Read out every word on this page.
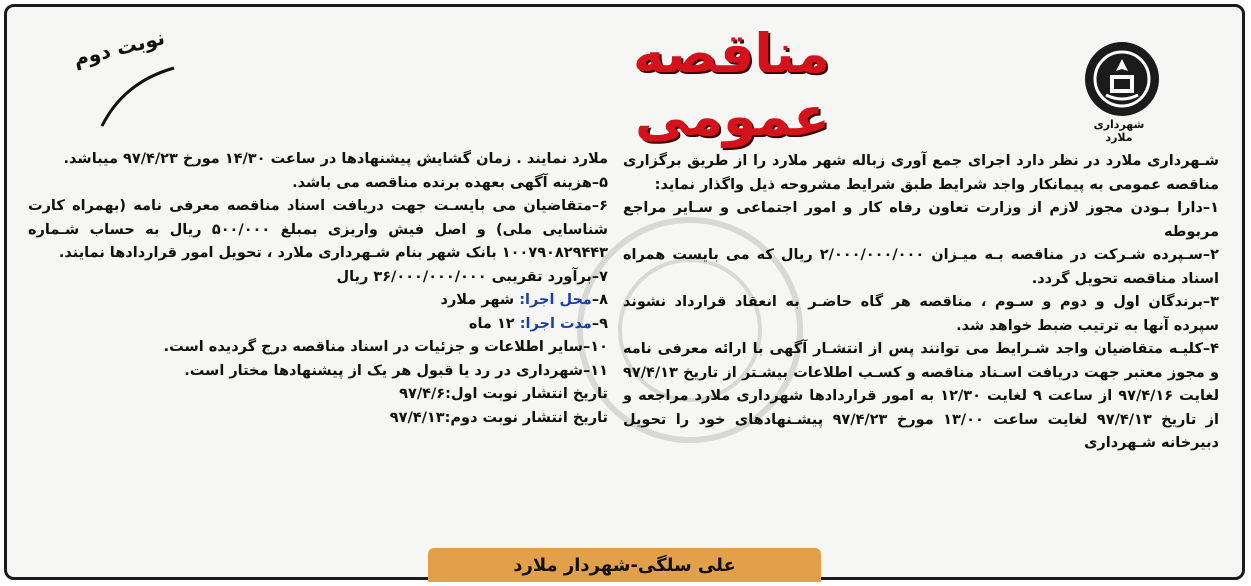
شهرداری ملارد
مناقصه عمومی
نوبت دوم

شـهرداری ملارد در نظر دارد اجرای جمع آوری زباله شهر ملارد را از طریق برگزاری مناقصه عمومی به پیمانکار واجد شرایط طبق شرایط مشروحه ذیل واگذار نماید:

۱–دارا بـودن مجوز لازم از وزارت تعاون رفاه کار و امور اجتماعی و سـایر مراجع مربوطه

۲–سـپرده شـرکت در مناقصه بـه میـزان ۲/۰۰۰/۰۰۰/۰۰۰ ریال که می بایست همراه اسناد مناقصه تحویل گردد.

۳–برندگان اول و دوم و سـوم ، مناقصه هر گاه حاضـر به انعقاد قرارداد نشوند سپرده آنها به ترتیب ضبط خواهد شد.

۴–کلیـه متقاضیان واجد شـرایط می توانند پس از انتشـار آگهی با ارائه معرفی نامه و مجوز معتبر جهت دریافت اسـناد مناقصه و کسـب اطلاعات بیشـتر از تاریخ ۹۷/۴/۱۳ لغایت ۹۷/۴/۱۶ از ساعت ۹ لغایت ۱۲/۳۰ به امور قراردادها شهرداری ملارد مراجعه و از تاریخ ۹۷/۴/۱۳ لغایت ساعت ۱۳/۰۰ مورخ ۹۷/۴/۲۳ پیشـنهادهای خود را تحویل دبیرخانه شـهرداری

ملارد نمایند . زمان گشایش پیشنهادها در ساعت ۱۴/۳۰ مورخ ۹۷/۴/۲۳ میباشد.

۵–هزینه آگهی بعهده برنده مناقصه می باشد.

۶–متقاضیان می بایسـت جهت دریافت اسناد مناقصه معرفی نامه (بهمراه کارت شناسایی ملی) و اصل فیش واریزی بمبلغ ۵۰۰/۰۰۰ ریال به حساب شـماره ۱۰۰۷۹۰۸۲۹۴۴۳ بانک شهر بنام شـهرداری ملارد ، تحویل امور قراردادها نمایند.

۷–برآورد تقریبی ۳۶/۰۰۰/۰۰۰/۰۰۰ ریال

۸–محل اجرا: شهر ملارد

۹–مدت اجرا: ۱۲ ماه

۱۰–سایر اطلاعات و جزئیات در اسناد مناقصه درج گردیده است.

۱۱–شهرداری در رد یا قبول هر یک از پیشنهادها مختار است.

تاریخ انتشار نوبت اول:۹۷/۴/۶

تاریخ انتشار نوبت دوم:۹۷/۴/۱۳

علی سلگی-شهردار ملارد
